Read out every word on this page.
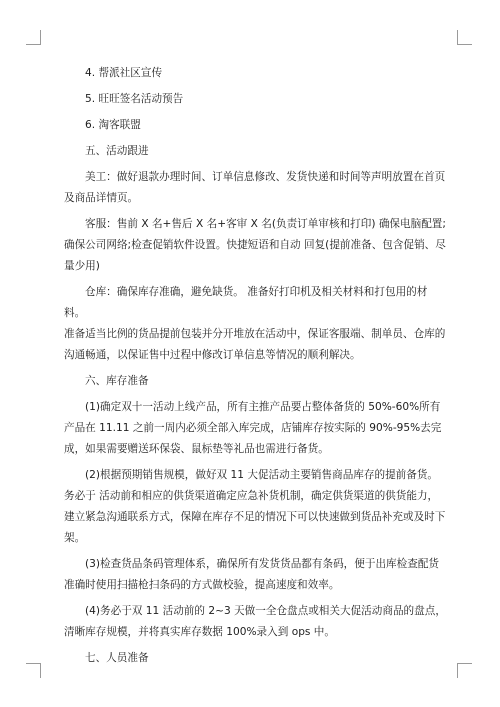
4. 帮派社区宣传

5. 旺旺签名活动预告

6. 淘客联盟

五、活动跟进

美工：做好退款办理时间、订单信息修改、发货快递和时间等声明放置在首页及商品详情页。

客服：售前 X 名+售后 X 名+客审 X 名(负责订单审核和打印) 确保电脑配置;确保公司网络;检查促销软件设置。快捷短语和自动 回复(提前准备、包含促销、尽量少用)

仓库：确保库存准确，避免缺货。 准备好打印机及相关材料和打包用的材料。

准备适当比例的货品提前包装并分开堆放在活动中，保证客服端、制单员、仓库的沟通畅通，以保证售中过程中修改订单信息等情况的顺利解决。

六、库存准备

(1)确定双十一活动上线产品，所有主推产品要占整体备货的 50%-60%所有产品在 11.11 之前一周内必须全部入库完成，店铺库存按实际的 90%-95%去完成，如果需要赠送环保袋、鼠标垫等礼品也需进行备货。

(2)根据预期销售规模，做好双 11 大促活动主要销售商品库存的提前备货。务必于 活动前和相应的供货渠道确定应急补货机制，确定供货渠道的供货能力，建立紧急沟通联系方式，保障在库存不足的情况下可以快速做到货品补充或及时下架。

(3)检查货品条码管理体系，确保所有发货货品都有条码，便于出库检查配货准确时使用扫描枪扫条码的方式做校验，提高速度和效率。

(4)务必于双 11 活动前的 2~3 天做一全仓盘点或相关大促活动商品的盘点，清晰库存规模，并将真实库存数据 100%录入到 ops 中。

七、人员准备
